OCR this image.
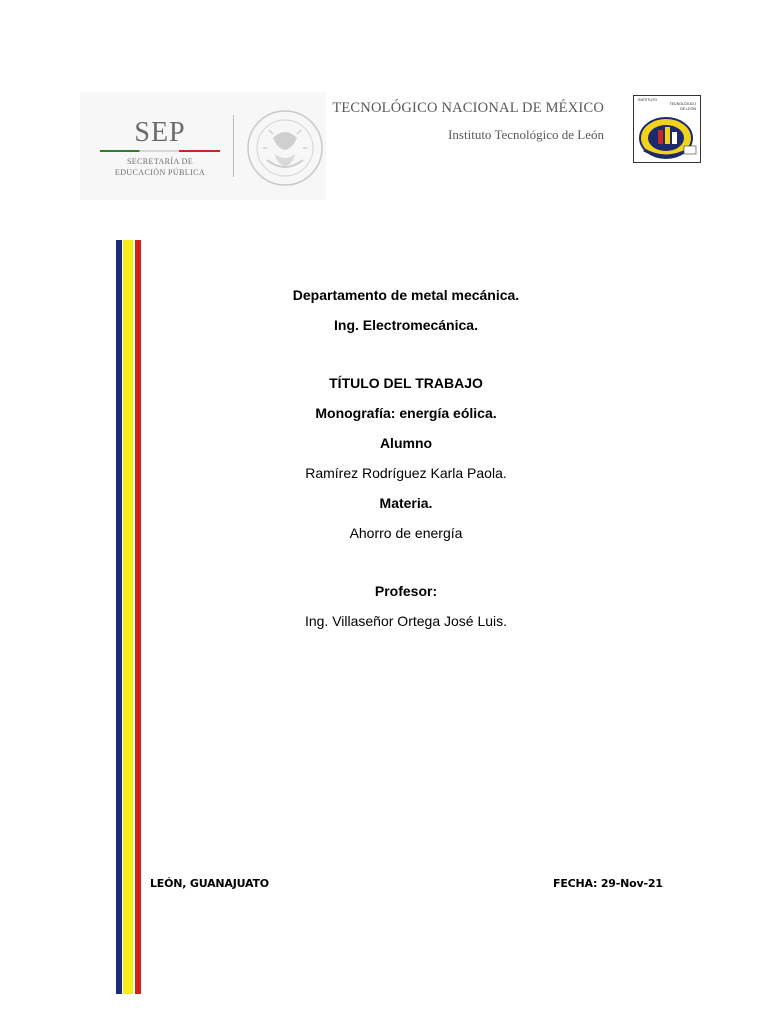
SEP
SECRETARÍA DE
EDUCACIÓN PÚBLICA
TECNOLÓGICO NACIONAL DE MÉXICO
Instituto Tecnológico de León
INSTITUTO
TECNOLÓGICO
DE LEÓN
Departamento de metal mecánica.
Ing. Electromecánica.
TÍTULO DEL TRABAJO
Monografía: energía eólica.
Alumno
Ramírez Rodríguez Karla Paola.
Materia.
Ahorro de energía
Profesor:
Ing. Villaseñor Ortega José Luis.
LEÓN, GUANAJUATO	FECHA: 29-Nov-21
